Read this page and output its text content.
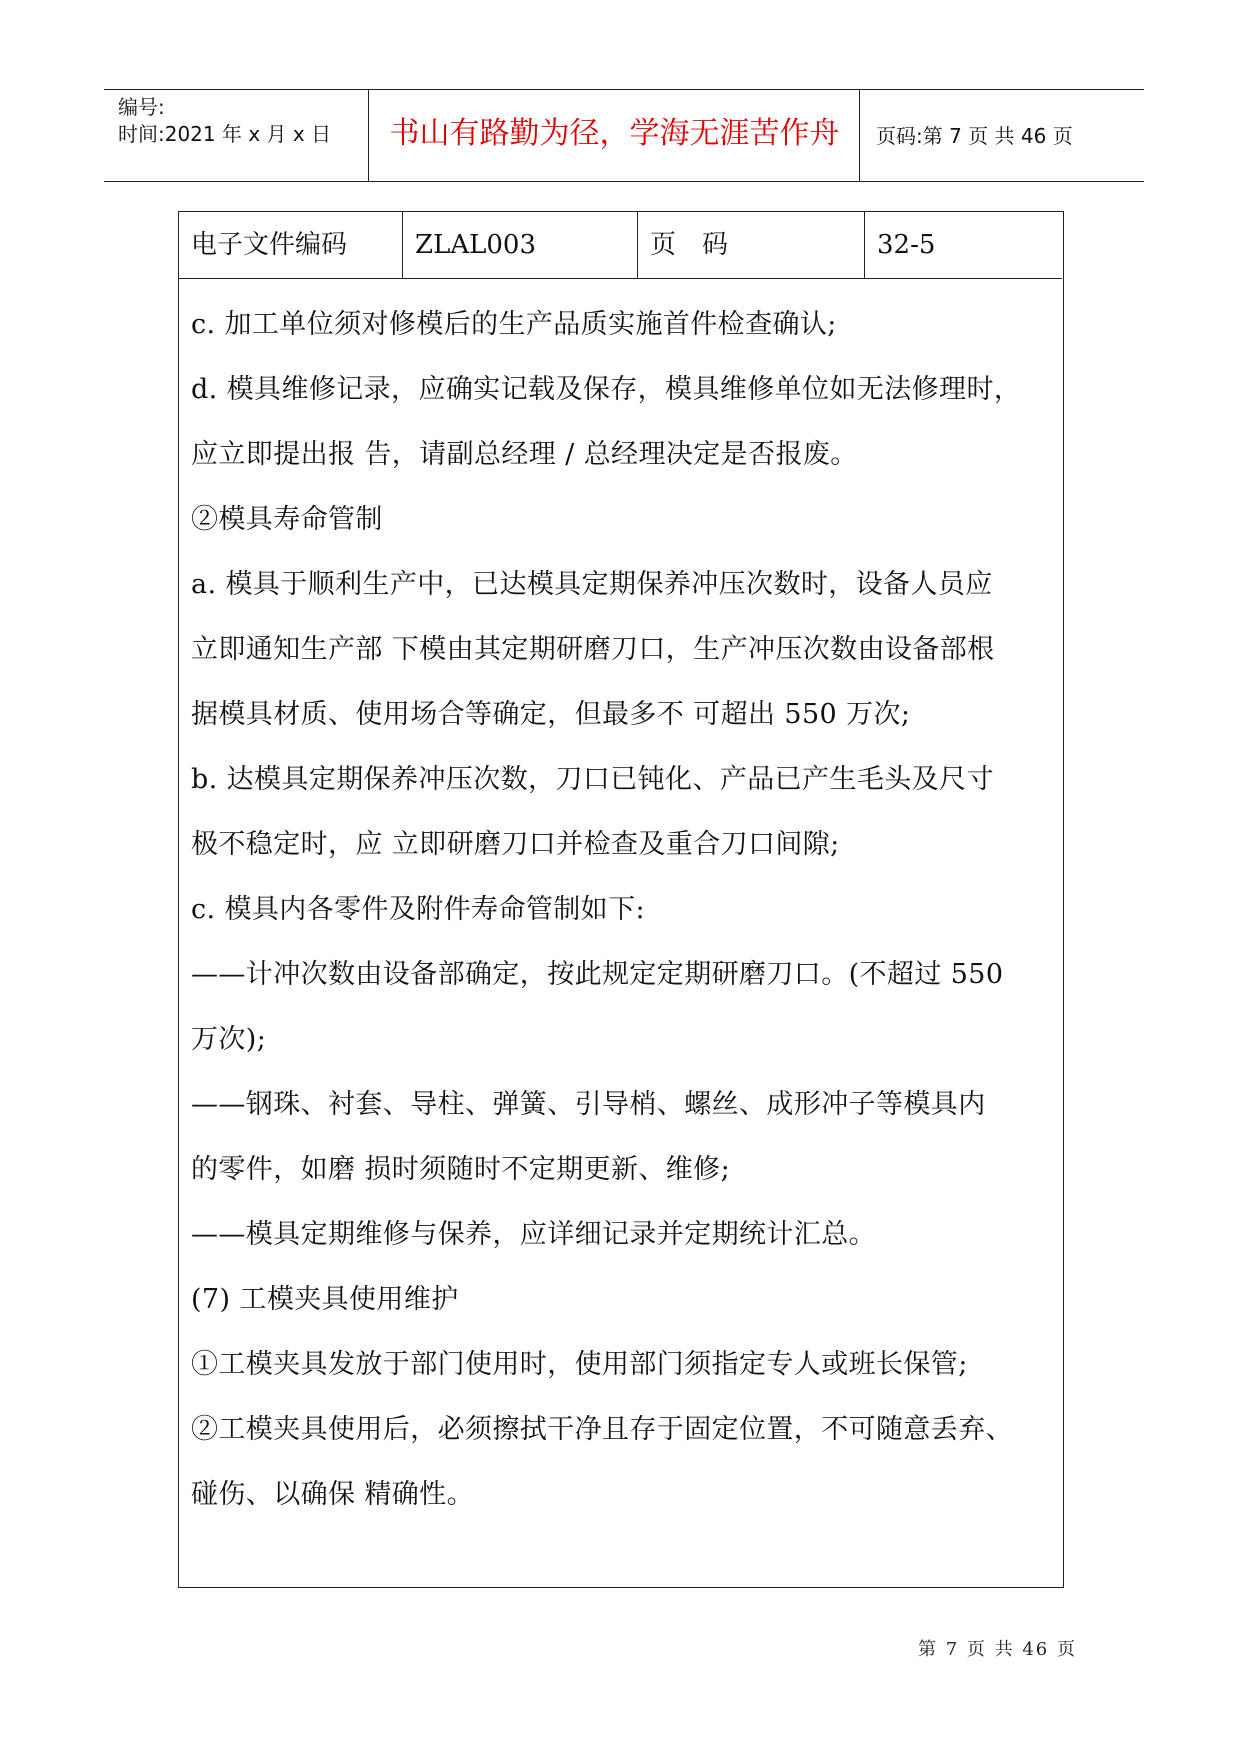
编号:
时间:2021 年 x 月 x 日	书山有路勤为径，学海无涯苦作舟	页码:第 7 页 共 46 页
电子文件编码	ZLAL003	页　码	32-5
c. 加工单位须对修模后的生产品质实施首件检查确认;
d. 模具维修记录，应确实记载及保存，模具维修单位如无法修理时，
应立即提出报 告，请副总经理 / 总经理决定是否报废。
②模具寿命管制
a. 模具于顺利生产中，已达模具定期保养冲压次数时，设备人员应
立即通知生产部 下模由其定期研磨刀口，生产冲压次数由设备部根
据模具材质、使用场合等确定，但最多不 可超出 550 万次;
b. 达模具定期保养冲压次数，刀口已钝化、产品已产生毛头及尺寸
极不稳定时，应 立即研磨刀口并检查及重合刀口间隙;
c. 模具内各零件及附件寿命管制如下:
——计冲次数由设备部确定，按此规定定期研磨刀口。(不超过 550
万次);
——钢珠、衬套、导柱、弹簧、引导梢、螺丝、成形冲子等模具内
的零件，如磨 损时须随时不定期更新、维修;
——模具定期维修与保养，应详细记录并定期统计汇总。
(7) 工模夹具使用维护
①工模夹具发放于部门使用时，使用部门须指定专人或班长保管;
②工模夹具使用后，必须擦拭干净且存于固定位置，不可随意丢弃、
碰伤、以确保 精确性。
第 7 页 共 46 页
